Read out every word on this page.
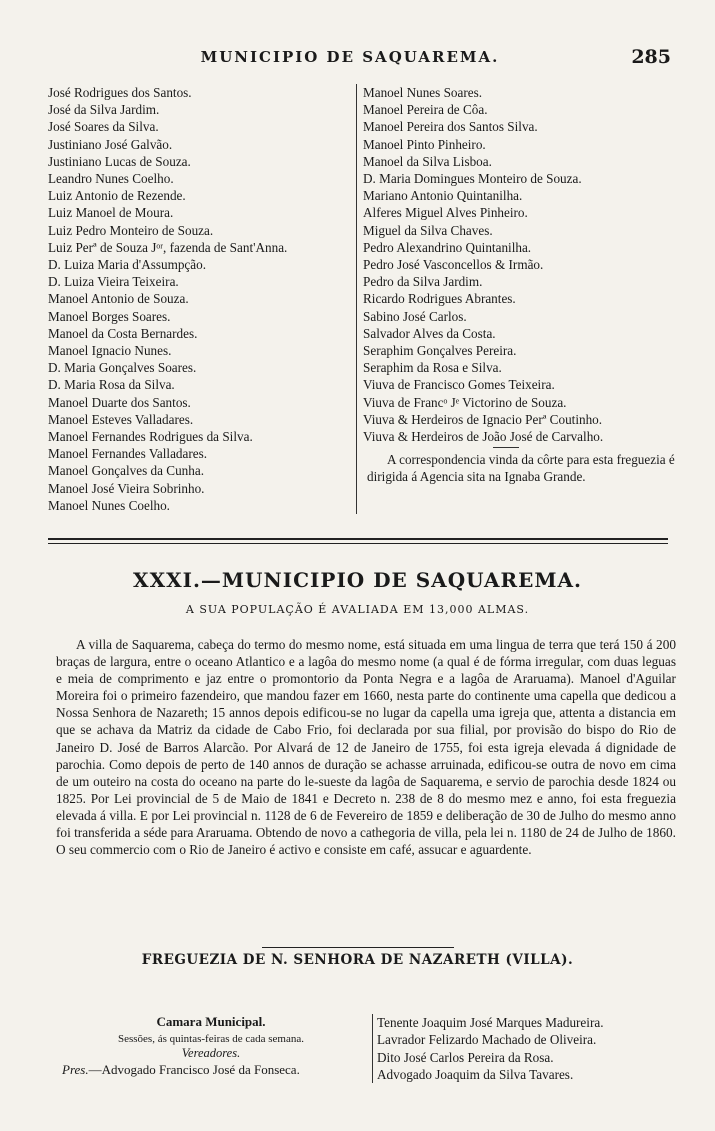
MUNICIPIO DE SAQUAREMA.	285
José Rodrigues dos Santos.
José da Silva Jardim.
José Soares da Silva.
Justiniano José Galvão.
Justiniano Lucas de Souza.
Leandro Nunes Coelho.
Luiz Antonio de Rezende.
Luiz Manoel de Moura.
Luiz Pedro Monteiro de Souza.
Luiz Perª de Souza Jᵒʳ, fazenda de Sant'Anna.
D. Luiza Maria d'Assumpção.
D. Luiza Vieira Teixeira.
Manoel Antonio de Souza.
Manoel Borges Soares.
Manoel da Costa Bernardes.
Manoel Ignacio Nunes.
D. Maria Gonçalves Soares.
D. Maria Rosa da Silva.
Manoel Duarte dos Santos.
Manoel Esteves Valladares.
Manoel Fernandes Rodrigues da Silva.
Manoel Fernandes Valladares.
Manoel Gonçalves da Cunha.
Manoel José Vieira Sobrinho.
Manoel Nunes Coelho.
Manoel Nunes Soares.
Manoel Pereira de Côa.
Manoel Pereira dos Santos Silva.
Manoel Pinto Pinheiro.
Manoel da Silva Lisboa.
D. Maria Domingues Monteiro de Souza.
Mariano Antonio Quintanilha.
Alferes Miguel Alves Pinheiro.
Miguel da Silva Chaves.
Pedro Alexandrino Quintanilha.
Pedro José Vasconcellos & Irmão.
Pedro da Silva Jardim.
Ricardo Rodrigues Abrantes.
Sabino José Carlos.
Salvador Alves da Costa.
Seraphim Gonçalves Pereira.
Seraphim da Rosa e Silva.
Viuva de Francisco Gomes Teixeira.
Viuva de Francᵒ Jᵉ Victorino de Souza.
Viuva & Herdeiros de Ignacio Perª Coutinho.
Viuva & Herdeiros de João José de Carvalho.
A correspondencia vinda da côrte para esta freguezia é dirigida á Agencia sita na Ignaba Grande.
XXXI.—MUNICIPIO DE SAQUAREMA.
A SUA POPULAÇÃO É AVALIADA EM 13,000 ALMAS.
A villa de Saquarema, cabeça do termo do mesmo nome, está situada em uma lingua de terra que terá 150 á 200 braças de largura, entre o oceano Atlantico e a lagôa do mesmo nome (a qual é de fórma irregular, com duas leguas e meia de comprimento e jaz entre o promontorio da Ponta Negra e a lagôa de Araruama). Manoel d'Aguilar Moreira foi o primeiro fazendeiro, que mandou fazer em 1660, nesta parte do continente uma capella que dedicou a Nossa Senhora de Nazareth; 15 annos depois edificou-se no lugar da capella uma igreja que, attenta a distancia em que se achava da Matriz da cidade de Cabo Frio, foi declarada por sua filial, por provisão do bispo do Rio de Janeiro D. José de Barros Alarcão. Por Alvará de 12 de Janeiro de 1755, foi esta igreja elevada á dignidade de parochia. Como depois de perto de 140 annos de duração se achasse arruinada, edificou-se outra de novo em cima de um outeiro na costa do oceano na parte do le-sueste da lagôa de Saquarema, e servio de parochia desde 1824 ou 1825. Por Lei provincial de 5 de Maio de 1841 e Decreto n. 238 de 8 do mesmo mez e anno, foi esta freguezia elevada á villa. E por Lei provincial n. 1128 de 6 de Fevereiro de 1859 e deliberação de 30 de Julho do mesmo anno foi transferida a séde para Araruama. Obtendo de novo a cathegoria de villa, pela lei n. 1180 de 24 de Julho de 1860. O seu commercio com o Rio de Janeiro é activo e consiste em café, assucar e aguardente.
FREGUEZIA DE N. SENHORA DE NAZARETH (VILLA).
Camara Municipal.
Sessões, ás quintas-feiras de cada semana.
Vereadores.
Pres.—Advogado Francisco José da Fonseca.
Tenente Joaquim José Marques Madureira.
Lavrador Felizardo Machado de Oliveira.
Dito José Carlos Pereira da Rosa.
Advogado Joaquim da Silva Tavares.
